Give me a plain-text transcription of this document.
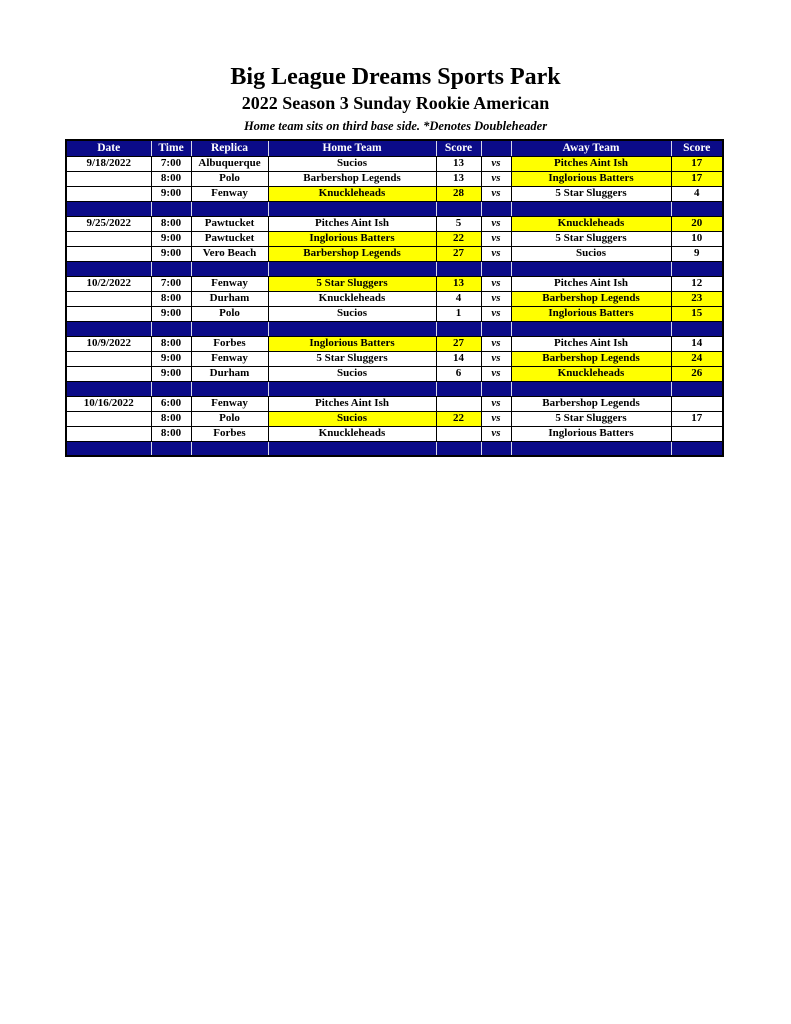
Big League Dreams Sports Park
2022 Season 3 Sunday Rookie American
Home team sits on third base side. *Denotes Doubleheader
Date	Time	Replica	Home Team	Score		Away Team	Score
9/18/2022	7:00	Albuquerque	Sucios	13	vs	Pitches Aint Ish	17
	8:00	Polo	Barbershop Legends	13	vs	Inglorious Batters	17
	9:00	Fenway	Knuckleheads	28	vs	5 Star Sluggers	4

9/25/2022	8:00	Pawtucket	Pitches Aint Ish	5	vs	Knuckleheads	20
	9:00	Pawtucket	Inglorious Batters	22	vs	5 Star Sluggers	10
	9:00	Vero Beach	Barbershop Legends	27	vs	Sucios	9

10/2/2022	7:00	Fenway	5 Star Sluggers	13	vs	Pitches Aint Ish	12
	8:00	Durham	Knuckleheads	4	vs	Barbershop Legends	23
	9:00	Polo	Sucios	1	vs	Inglorious Batters	15

10/9/2022	8:00	Forbes	Inglorious Batters	27	vs	Pitches Aint Ish	14
	9:00	Fenway	5 Star Sluggers	14	vs	Barbershop Legends	24
	9:00	Durham	Sucios	6	vs	Knuckleheads	26

10/16/2022	6:00	Fenway	Pitches Aint Ish		vs	Barbershop Legends	
	8:00	Polo	Sucios	22	vs	5 Star Sluggers	17
	8:00	Forbes	Knuckleheads		vs	Inglorious Batters	
